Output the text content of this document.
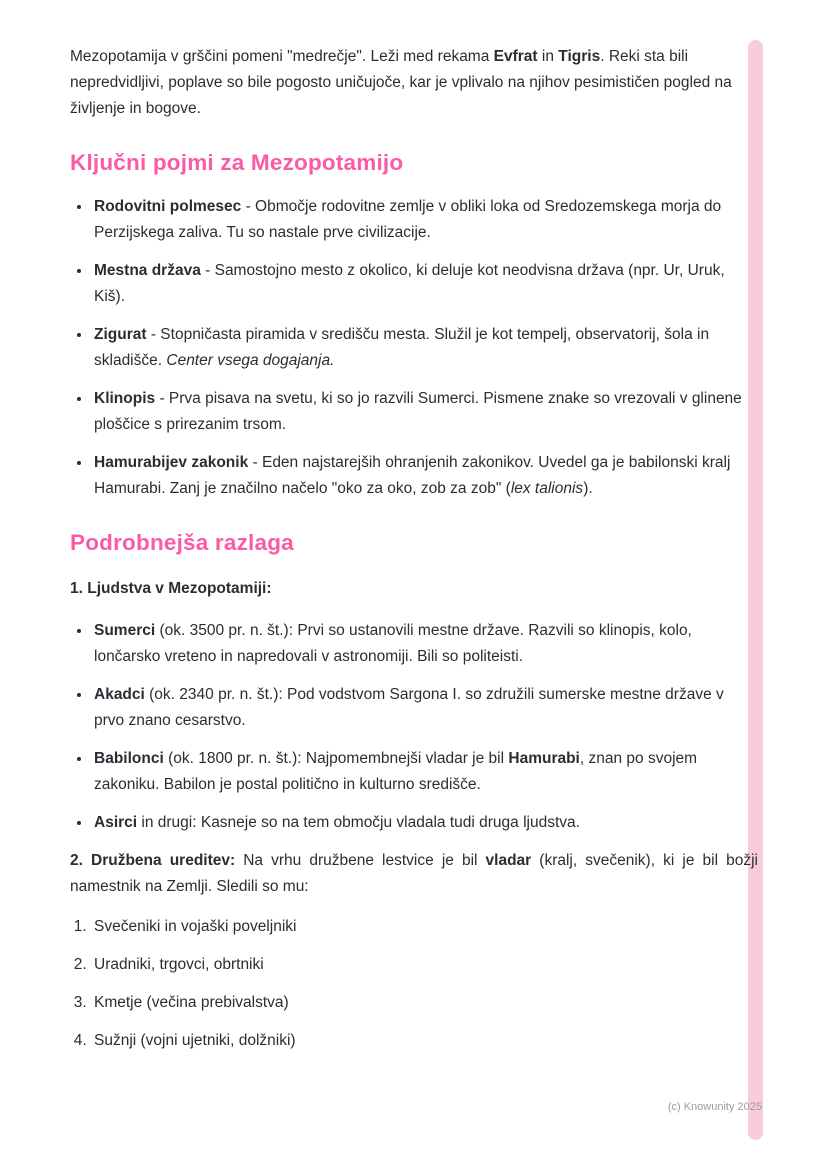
Mezopotamija v grščini pomeni "medrečje". Leži med rekama Evfrat in Tigris. Reki sta bili nepredvidljivi, poplave so bile pogosto uničujoče, kar je vplivalo na njihov pesimističen pogled na življenje in bogove.

Ključni pojmi za Mezopotamijo
• Rodovitni polmesec - Območje rodovitne zemlje v obliki loka od Sredozemskega morja do Perzijskega zaliva. Tu so nastale prve civilizacije.
• Mestna država - Samostojno mesto z okolico, ki deluje kot neodvisna država (npr. Ur, Uruk, Kiš).
• Zigurat - Stopničasta piramida v središču mesta. Služil je kot tempelj, observatorij, šola in skladišče. Center vsega dogajanja.
• Klinopis - Prva pisava na svetu, ki so jo razvili Sumerci. Pismene znake so vrezovali v glinene ploščice s prirezanim trsom.
• Hamurabijev zakonik - Eden najstarejših ohranjenih zakonikov. Uvedel ga je babilonski kralj Hamurabi. Zanj je značilno načelo "oko za oko, zob za zob" (lex talionis).
Podrobnejša razlaga

1. Ljudstva v Mezopotamiji:

• Sumerci (ok. 3500 pr. n. št.): Prvi so ustanovili mestne države. Razvili so klinopis, kolo, lončarsko vreteno in napredovali v astronomiji. Bili so politeisti.
• Akadci (ok. 2340 pr. n. št.): Pod vodstvom Sargona I. so združili sumerske mestne države v prvo znano cesarstvo.
• Babilonci (ok. 1800 pr. n. št.): Najpomembnejši vladar je bil Hamurabi, znan po svojem zakoniku. Babilon je postal politično in kulturno središče.
• Asirci in drugi: Kasneje so na tem območju vladala tudi druga ljudstva.

2. Družbena ureditev: Na vrhu družbene lestvice je bil vladar (kralj, svečenik), ki je bil božji namestnik na Zemlji. Sledili so mu:

1. Svečeniki in vojaški poveljniki
2. Uradniki, trgovci, obrtniki
3. Kmetje (večina prebivalstva)
4. Sužnji (vojni ujetniki, dolžniki)
(c) Knowunity 2025
